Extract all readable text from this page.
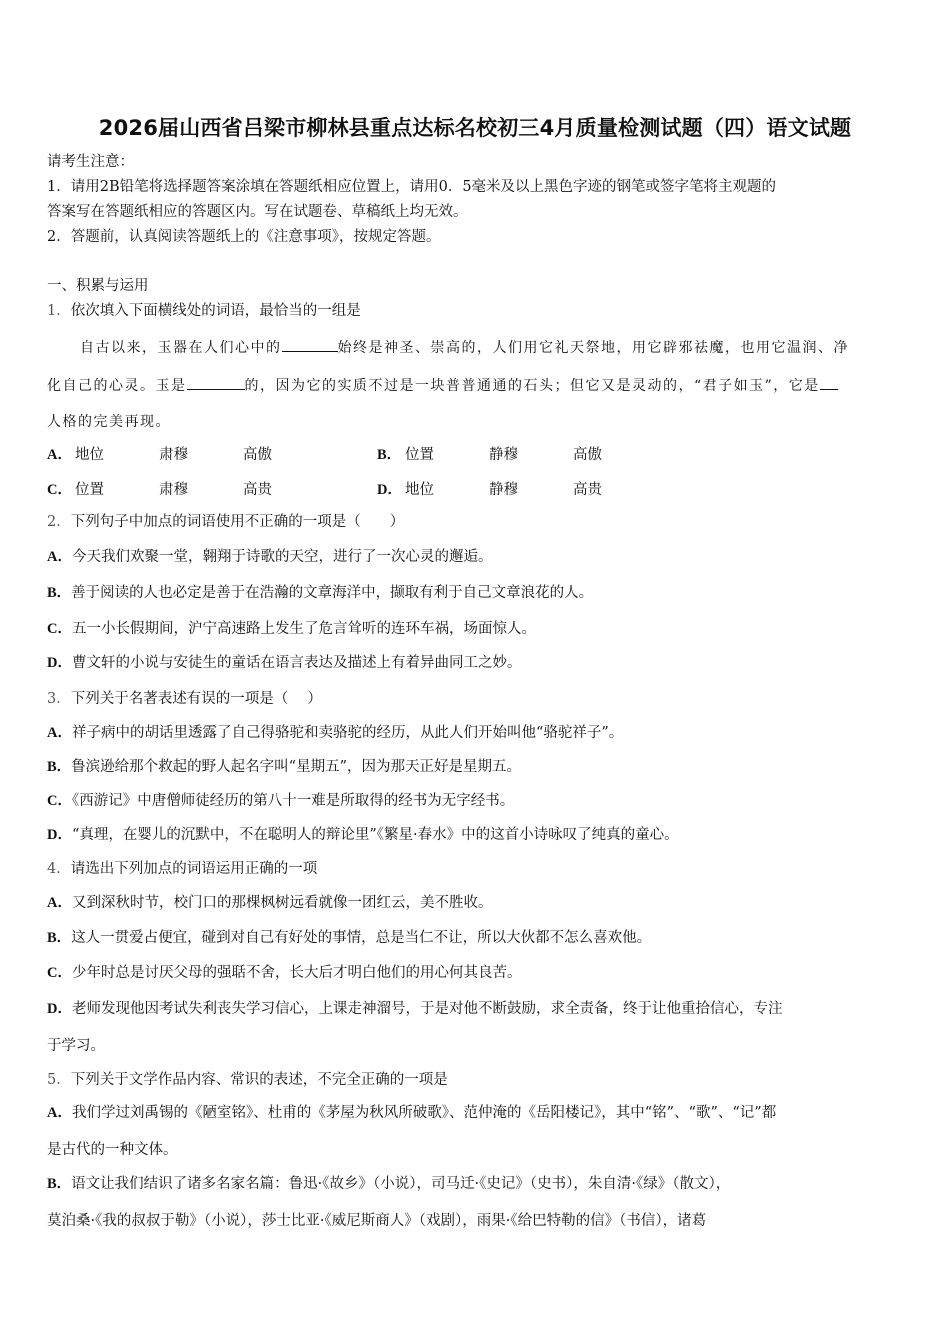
2026届山西省吕梁市柳林县重点达标名校初三4月质量检测试题（四）语文试题
请考生注意：
1．请用2B铅笔将选择题答案涂填在答题纸相应位置上，请用0．5毫米及以上黑色字迹的钢笔或签字笔将主观题的
答案写在答题纸相应的答题区内。写在试题卷、草稿纸上均无效。
2．答题前，认真阅读答题纸上的《注意事项》，按规定答题。
一、积累与运用
1．依次填入下面横线处的词语，最恰当的一组是
自古以来，玉器在人们心中的	始终是神圣、崇高的，人们用它礼天祭地，用它辟邪祛魔，也用它温润、净
化自己的心灵。玉是	的，因为它的实质不过是一块普普通通的石头；但它又是灵动的，“君子如玉”，它是
人格的完美再现。
A． 地位	肃穆	高傲	B． 位置	静穆	高傲
C． 位置	肃穆	高贵	D． 地位	静穆	高贵
2．下列句子中加点的词语使用不正确的一项是（　　）
A．今天我们欢聚一堂，翱翔于诗歌的天空，进行了一次心灵的邂逅。
B．善于阅读的人也必定是善于在浩瀚的文章海洋中，撷取有利于自己文章浪花的人。
C．五一小长假期间，沪宁高速路上发生了危言耸听的连环车祸，场面惊人。
D．曹文轩的小说与安徒生的童话在语言表达及描述上有着异曲同工之妙。
3．下列关于名著表述有误的一项是（　 ）
A．祥子病中的胡话里透露了自己得骆驼和卖骆驼的经历，从此人们开始叫他“骆驼祥子”。
B．鲁滨逊给那个救起的野人起名字叫“星期五”，因为那天正好是星期五。
C．《西游记》中唐僧师徒经历的第八十一难是所取得的经书为无字经书。
D．“真理，在婴儿的沉默中，不在聪明人的辩论里”《繁星·春水》中的这首小诗咏叹了纯真的童心。
4．请选出下列加点的词语运用正确的一项
A．又到深秋时节，校门口的那棵枫树远看就像一团红云，美不胜收。
B．这人一贯爱占便宜，碰到对自己有好处的事情，总是当仁不让，所以大伙都不怎么喜欢他。
C．少年时总是讨厌父母的强聒不舍，长大后才明白他们的用心何其良苦。
D．老师发现他因考试失利丧失学习信心，上课走神溜号，于是对他不断鼓励，求全责备，终于让他重拾信心，专注
于学习。
5．下列关于文学作品内容、常识的表述，不完全正确的一项是
A．我们学过刘禹锡的《陋室铭》、杜甫的《茅屋为秋风所破歌》、范仲淹的《岳阳楼记》，其中“铭”、“歌”、“记”都
是古代的一种文体。
B．语文让我们结识了诸多名家名篇：鲁迅·《故乡》（小说），司马迁·《史记》（史书），朱自清·《绿》（散文），
莫泊桑·《我的叔叔于勒》（小说），莎士比亚·《威尼斯商人》（戏剧），雨果·《给巴特勒的信》（书信），诸葛
